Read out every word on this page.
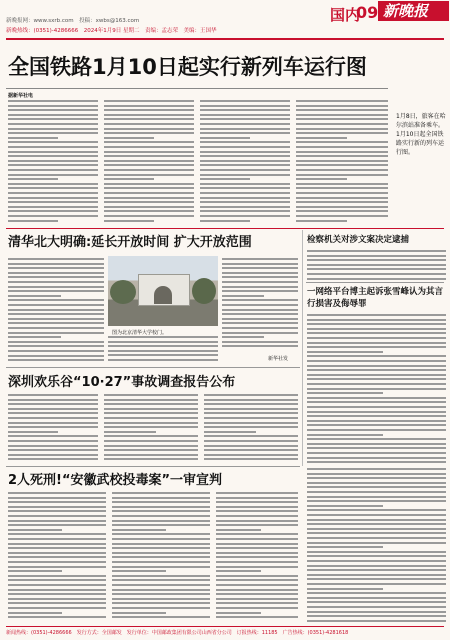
新晚热线：(0351)-4286666　2024年1月9日 星期二　责编：孟志荣　美编：王国华
国内
09 新晚报
新晚报网：www.sxrb.com　投稿：xwbs@163.com
全国铁路1月10日起实行新列车运行图
据新华社电
1月8日，旅客在哈尔滨站准备乘车。1月10日起全国铁路实行新的列车运行图。
清华北大明确:延长开放时间 扩大开放范围
图为北京清华大学校门。
新华社发
检察机关对涉文案决定逮捕
一网络平台博主起诉张雪峰认为其言行损害及侮辱罪
深圳欢乐谷“10·27”事故调查报告公布
2人死刑!“安徽武校投毒案”一审宣判
新闻热线：(0351)-4286666　发行方式：全国邮发　发行单位：中国邮政集团有限公司山西省分公司　订报热线：11185　广告热线：(0351)-4281618
